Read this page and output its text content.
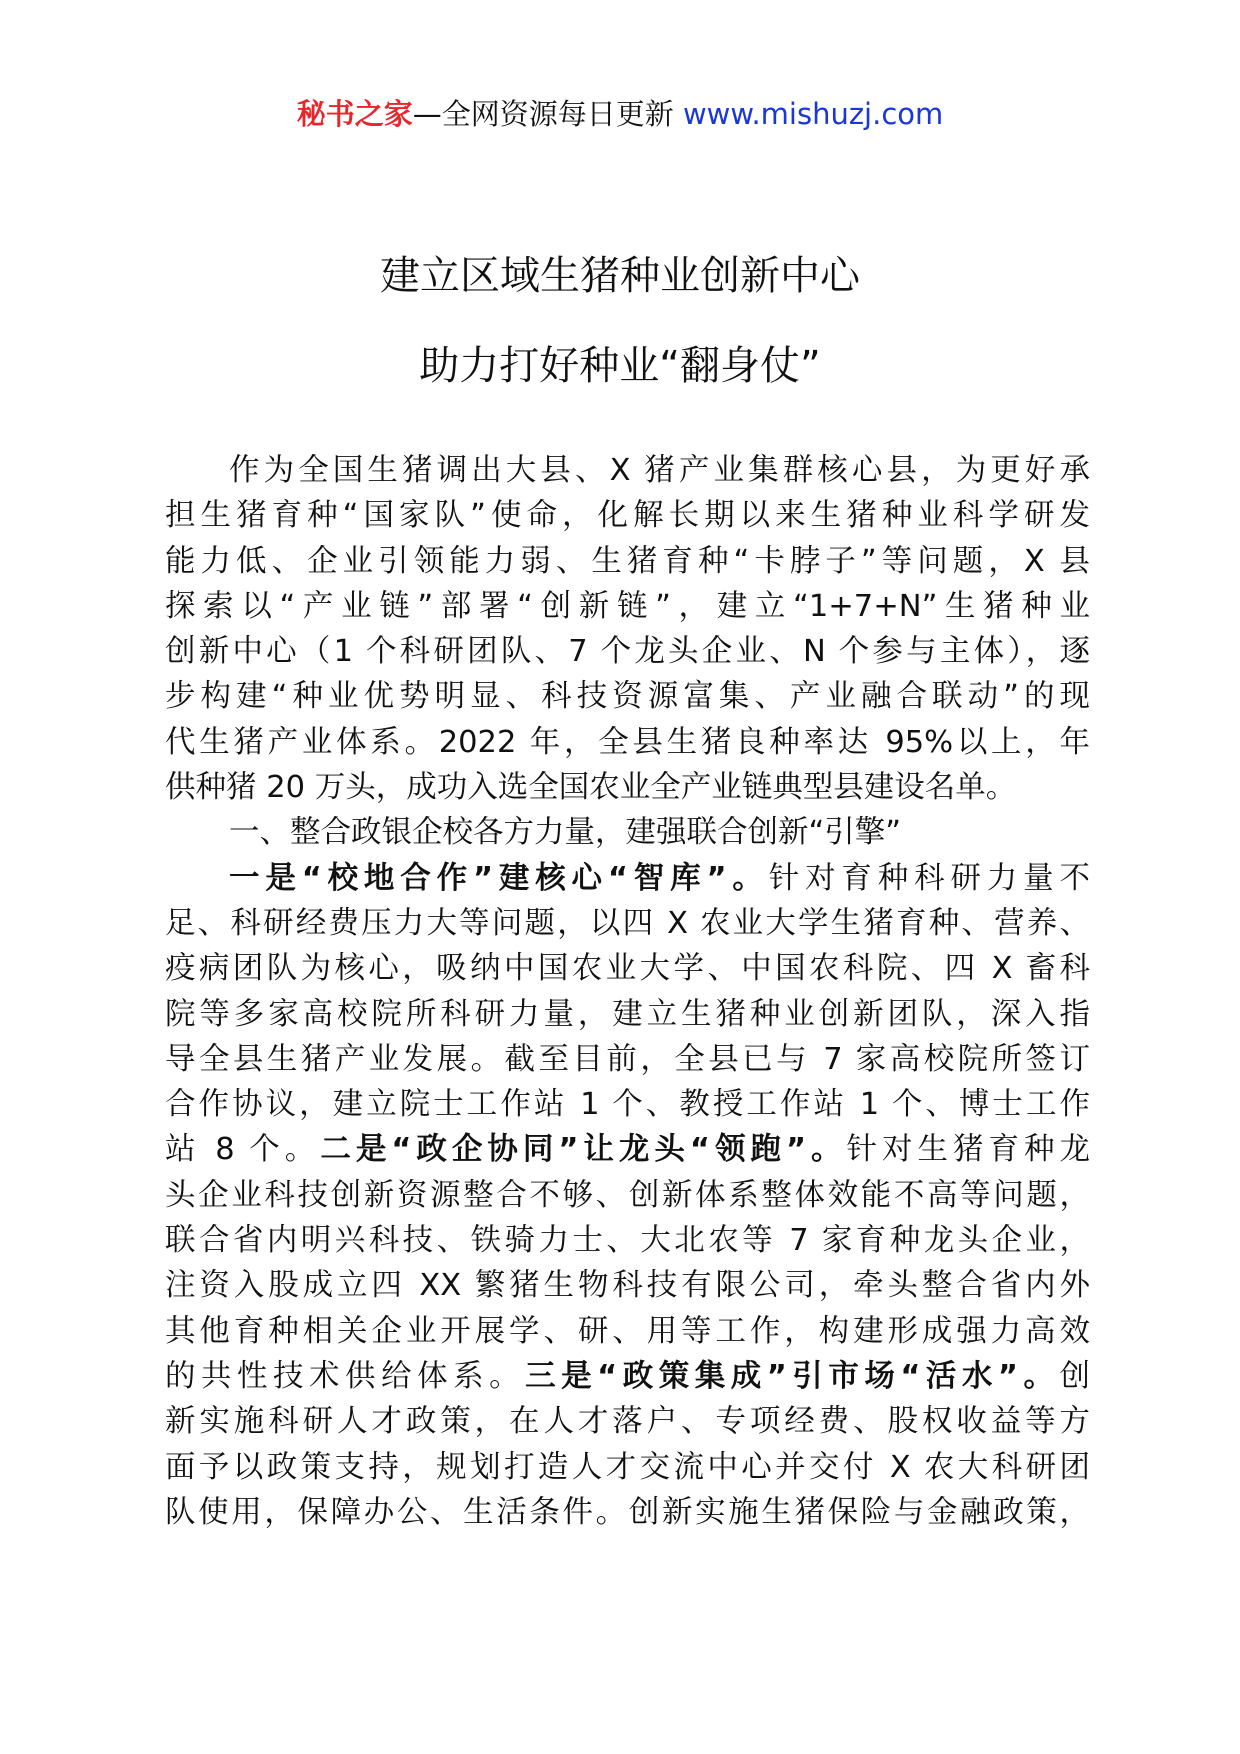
秘书之家—全网资源每日更新 www.mishuzj.com
建立区域生猪种业创新中心
助力打好种业“翻身仗”
作为全国生猪调出大县、X 猪产业集群核心县，为更好承
担生猪育种“国家队”使命，化解长期以来生猪种业科学研发
能力低、企业引领能力弱、生猪育种“卡脖子”等问题，X 县
探索以“产业链”部署“创新链”，建立“1+7+N”生猪种业
创新中心（1 个科研团队、7 个龙头企业、N 个参与主体），逐
步构建“种业优势明显、科技资源富集、产业融合联动”的现
代生猪产业体系。2022 年，全县生猪良种率达 95%以上，年
供种猪 20 万头，成功入选全国农业全产业链典型县建设名单。
一、整合政银企校各方力量，建强联合创新“引擎”
一是“校地合作”建核心“智库”。针对育种科研力量不
足、科研经费压力大等问题，以四 X 农业大学生猪育种、营养、
疫病团队为核心，吸纳中国农业大学、中国农科院、四 X 畜科
院等多家高校院所科研力量，建立生猪种业创新团队，深入指
导全县生猪产业发展。截至目前，全县已与 7 家高校院所签订
合作协议，建立院士工作站 1 个、教授工作站 1 个、博士工作
站 8 个。二是“政企协同”让龙头“领跑”。针对生猪育种龙
头企业科技创新资源整合不够、创新体系整体效能不高等问题，
联合省内明兴科技、铁骑力士、大北农等 7 家育种龙头企业，
注资入股成立四 XX 繁猪生物科技有限公司，牵头整合省内外
其他育种相关企业开展学、研、用等工作，构建形成强力高效
的共性技术供给体系。三是“政策集成”引市场“活水”。创
新实施科研人才政策，在人才落户、专项经费、股权收益等方
面予以政策支持，规划打造人才交流中心并交付 X 农大科研团
队使用，保障办公、生活条件。创新实施生猪保险与金融政策，
